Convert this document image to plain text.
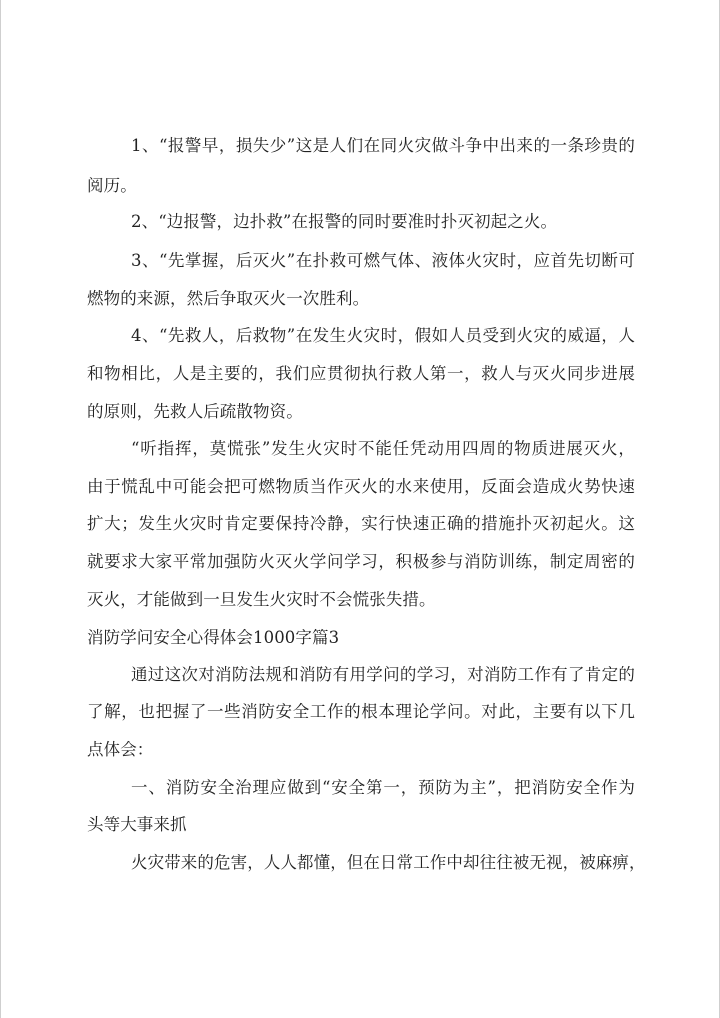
1、“报警早，损失少”这是人们在同火灾做斗争中出来的一条珍贵的
阅历。
2、“边报警，边扑救”在报警的同时要准时扑灭初起之火。
3、“先掌握，后灭火”在扑救可燃气体、液体火灾时，应首先切断可
燃物的来源，然后争取灭火一次胜利。
4、“先救人，后救物”在发生火灾时，假如人员受到火灾的威逼，人
和物相比，人是主要的，我们应贯彻执行救人第一，救人与灭火同步进展
的原则，先救人后疏散物资。
“听指挥，莫慌张”发生火灾时不能任凭动用四周的物质进展灭火，
由于慌乱中可能会把可燃物质当作灭火的水来使用，反面会造成火势快速
扩大；发生火灾时肯定要保持冷静，实行快速正确的措施扑灭初起火。这
就要求大家平常加强防火灭火学问学习，积极参与消防训练，制定周密的
灭火，才能做到一旦发生火灾时不会慌张失措。
消防学问安全心得体会1000字篇3
通过这次对消防法规和消防有用学问的学习，对消防工作有了肯定的
了解，也把握了一些消防安全工作的根本理论学问。对此，主要有以下几
点体会：
一、消防安全治理应做到“安全第一，预防为主”，把消防安全作为
头等大事来抓
火灾带来的危害，人人都懂，但在日常工作中却往往被无视，被麻痹，
